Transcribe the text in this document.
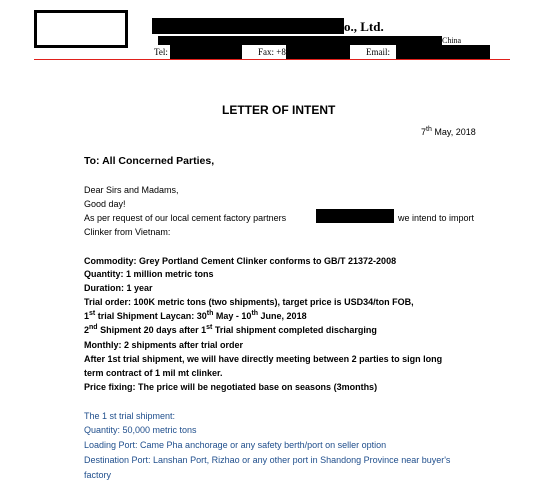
o., Ltd.
China
Tel:	Fax: +8	Email:
LETTER OF INTENT
7th May, 2018
To: All Concerned Parties,
Dear Sirs and Madams,
Good day!
As per request of our local cement factory partners	we intend to import
Clinker from Vietnam:
Commodity: Grey Portland Cement Clinker conforms to GB/T 21372-2008
Quantity: 1 million metric tons
Duration: 1 year
Trial order: 100K metric tons (two shipments), target price is USD34/ton FOB,
1st trial Shipment Laycan: 30th May - 10th June, 2018
2nd Shipment 20 days after 1st Trial shipment completed discharging
Monthly: 2 shipments after trial order
After 1st trial shipment, we will have directly meeting between 2 parties to sign long
term contract of 1 mil mt clinker.
Price fixing: The price will be negotiated base on seasons (3months)
The 1 st trial shipment:
Quantity: 50,000 metric tons
Loading Port: Came Pha anchorage or any safety berth/port on seller option
Destination Port: Lanshan Port, Rizhao or any other port in Shandong Province near buyer's
factory
